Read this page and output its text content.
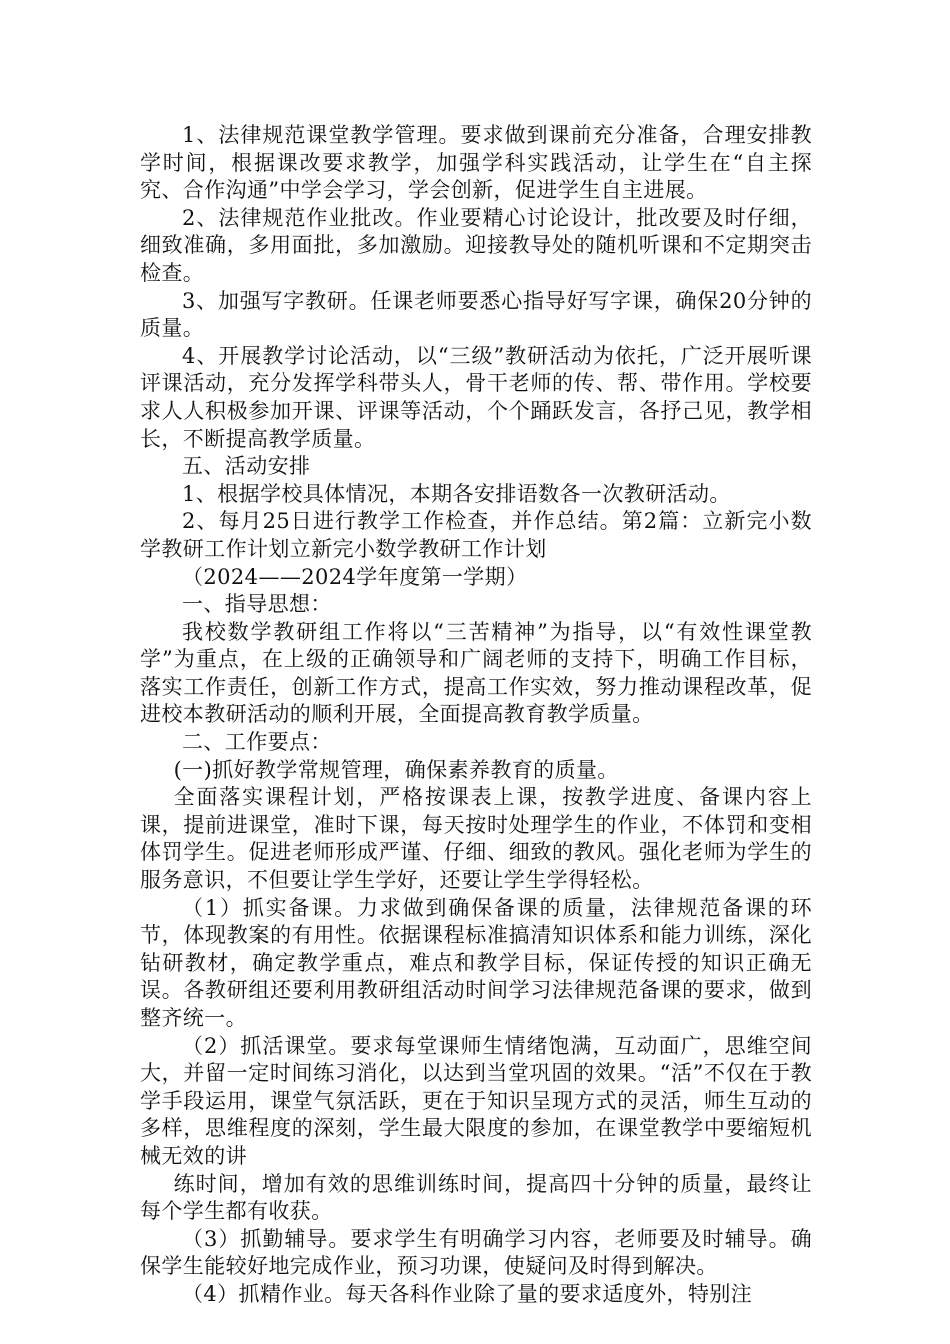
1、法律规范课堂教学管理。要求做到课前充分准备，合理安排教学时间，根据课改要求教学，加强学科实践活动，让学生在“自主探究、合作沟通”中学会学习，学会创新，促进学生自主进展。

2、法律规范作业批改。作业要精心讨论设计，批改要及时仔细，细致准确，多用面批，多加激励。迎接教导处的随机听课和不定期突击检查。

3、加强写字教研。任课老师要悉心指导好写字课，确保20分钟的质量。

4、开展教学讨论活动，以“三级”教研活动为依托，广泛开展听课评课活动，充分发挥学科带头人，骨干老师的传、帮、带作用。学校要求人人积极参加开课、评课等活动，个个踊跃发言，各抒己见，教学相长，不断提高教学质量。

五、活动安排

1、根据学校具体情况，本期各安排语数各一次教研活动。

2、每月25日进行教学工作检查，并作总结。第2篇：立新完小数学教研工作计划立新完小数学教研工作计划

（2024——2024学年度第一学期）

一、指导思想：

我校数学教研组工作将以“三苦精神”为指导，以“有效性课堂教学”为重点，在上级的正确领导和广阔老师的支持下，明确工作目标，落实工作责任，创新工作方式，提高工作实效，努力推动课程改革，促进校本教研活动的顺利开展，全面提高教育教学质量。

二、工作要点：

(一)抓好教学常规管理，确保素养教育的质量。

全面落实课程计划，严格按课表上课，按教学进度、备课内容上课，提前进课堂，准时下课，每天按时处理学生的作业，不体罚和变相体罚学生。促进老师形成严谨、仔细、细致的教风。强化老师为学生的服务意识，不但要让学生学好，还要让学生学得轻松。

（1）抓实备课。力求做到确保备课的质量，法律规范备课的环节，体现教案的有用性。依据课程标准搞清知识体系和能力训练，深化钻研教材，确定教学重点，难点和教学目标，保证传授的知识正确无误。各教研组还要利用教研组活动时间学习法律规范备课的要求，做到整齐统一。

（2）抓活课堂。要求每堂课师生情绪饱满，互动面广，思维空间大，并留一定时间练习消化，以达到当堂巩固的效果。“活”不仅在于教学手段运用，课堂气氛活跃，更在于知识呈现方式的灵活，师生互动的多样，思维程度的深刻，学生最大限度的参加，在课堂教学中要缩短机械无效的讲

练时间，增加有效的思维训练时间，提高四十分钟的质量，最终让每个学生都有收获。

（3）抓勤辅导。要求学生有明确学习内容，老师要及时辅导。确保学生能较好地完成作业，预习功课，使疑问及时得到解决。

（4）抓精作业。每天各科作业除了量的要求适度外，特别注
